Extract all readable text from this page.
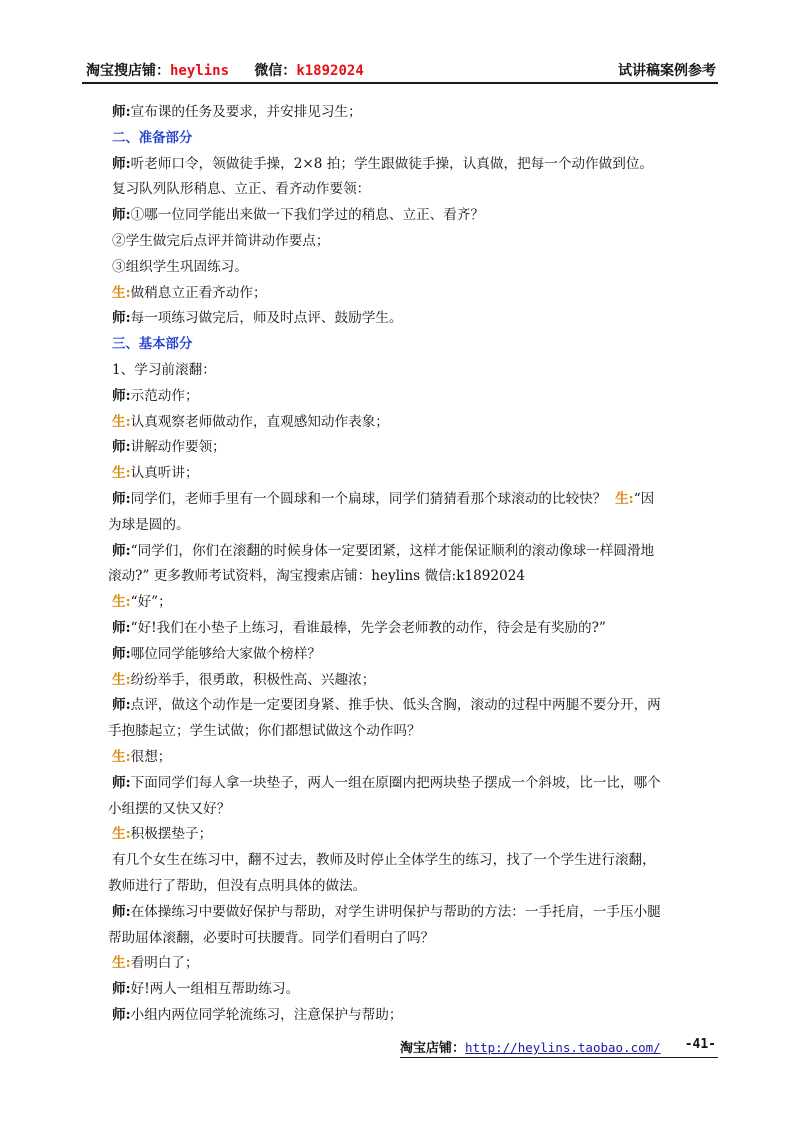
淘宝搜店铺：heylins 微信：k1892024	试讲稿案例参考
师:宣布课的任务及要求，并安排见习生；
二、准备部分
师:听老师口令，领做徒手操，2×8 拍；学生跟做徒手操，认真做，把每一个动作做到位。
复习队列队形稍息、立正、看齐动作要领：
师:①哪一位同学能出来做一下我们学过的稍息、立正、看齐？
②学生做完后点评并简讲动作要点；
③组织学生巩固练习。
生:做稍息立正看齐动作；
师:每一项练习做完后，师及时点评、鼓励学生。
三、基本部分
1、学习前滚翻：
师:示范动作；
生:认真观察老师做动作，直观感知动作表象；
师:讲解动作要领；
生:认真听讲；
师:同学们，老师手里有一个圆球和一个扁球，同学们猜猜看那个球滚动的比较快？ 生:“因
为球是圆的。
师:“同学们，你们在滚翻的时候身体一定要团紧，这样才能保证顺利的滚动像球一样圆滑地
滚动?” 更多教师考试资料，淘宝搜索店铺：heylins 微信:k1892024
生:“好”；
师:“好!我们在小垫子上练习，看谁最棒，先学会老师教的动作，待会是有奖励的?”
师:哪位同学能够给大家做个榜样？
生:纷纷举手，很勇敢，积极性高、兴趣浓；
师:点评，做这个动作是一定要团身紧、推手快、低头含胸，滚动的过程中两腿不要分开，两
手抱膝起立；学生试做；你们都想试做这个动作吗？
生:很想；
师:下面同学们每人拿一块垫子，两人一组在原圈内把两块垫子摆成一个斜坡，比一比，哪个
小组摆的又快又好？
生:积极摆垫子；
有几个女生在练习中，翻不过去，教师及时停止全体学生的练习，找了一个学生进行滚翻，
教师进行了帮助，但没有点明具体的做法。
师:在体操练习中要做好保护与帮助，对学生讲明保护与帮助的方法：一手托肩，一手压小腿
帮助屈体滚翻，必要时可扶腰背。同学们看明白了吗？
生:看明白了；
师:好!两人一组相互帮助练习。
师:小组内两位同学轮流练习，注意保护与帮助；
淘宝店铺：http://heylins.taobao.com/ -41-
